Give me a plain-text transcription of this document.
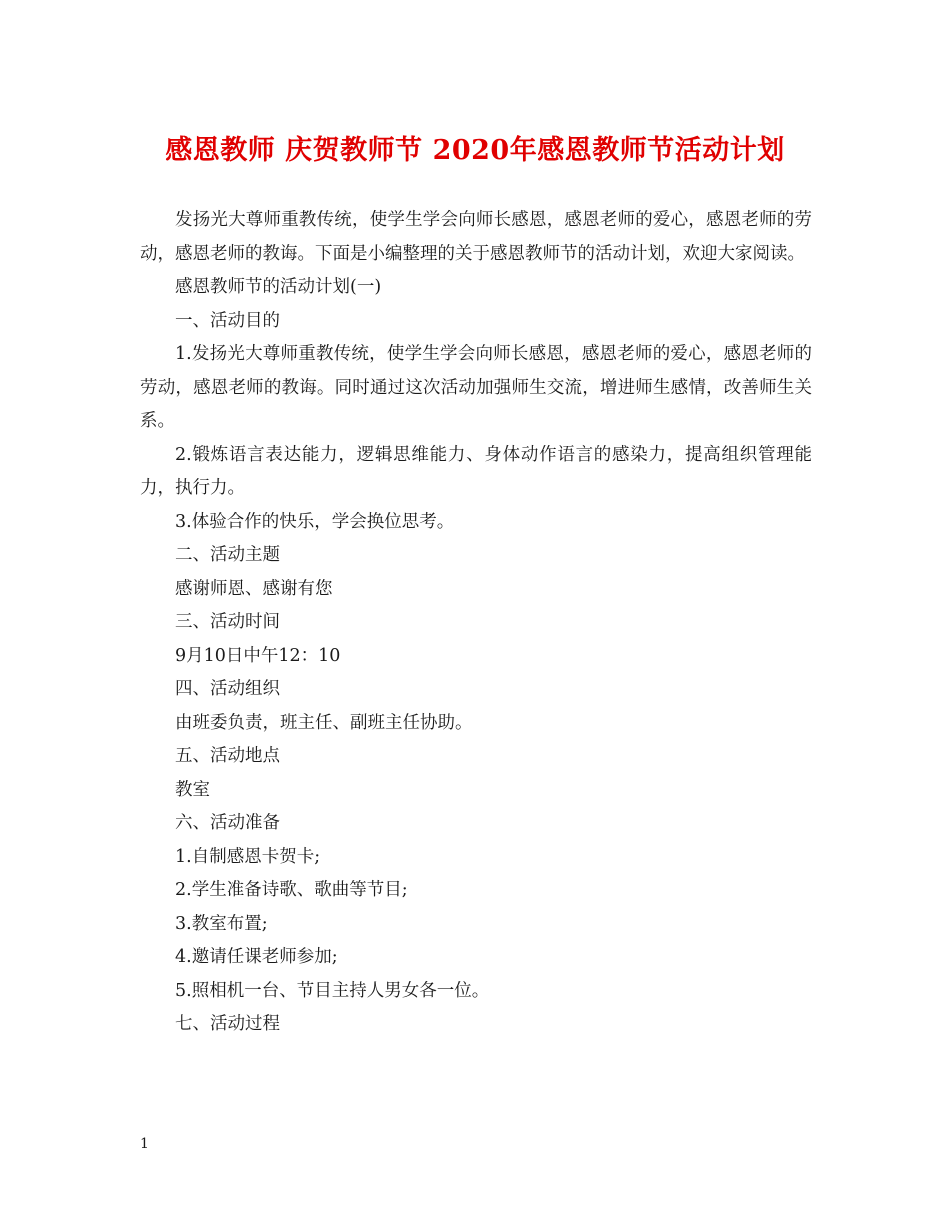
感恩教师 庆贺教师节 2020年感恩教师节活动计划

发扬光大尊师重教传统，使学生学会向师长感恩，感恩老师的爱心，感恩老师的劳动，感恩老师的教诲。下面是小编整理的关于感恩教师节的活动计划，欢迎大家阅读。

感恩教师节的活动计划(一)

一、活动目的

1.发扬光大尊师重教传统，使学生学会向师长感恩，感恩老师的爱心，感恩老师的劳动，感恩老师的教诲。同时通过这次活动加强师生交流，增进师生感情，改善师生关系。

2.锻炼语言表达能力，逻辑思维能力、身体动作语言的感染力，提高组织管理能力，执行力。

3.体验合作的快乐，学会换位思考。

二、活动主题

感谢师恩、感谢有您

三、活动时间

9月10日中午12：10

四、活动组织

由班委负责，班主任、副班主任协助。

五、活动地点

教室

六、活动准备

1.自制感恩卡贺卡;

2.学生准备诗歌、歌曲等节目;

3.教室布置;

4.邀请任课老师参加;

5.照相机一台、节目主持人男女各一位。

七、活动过程

1
